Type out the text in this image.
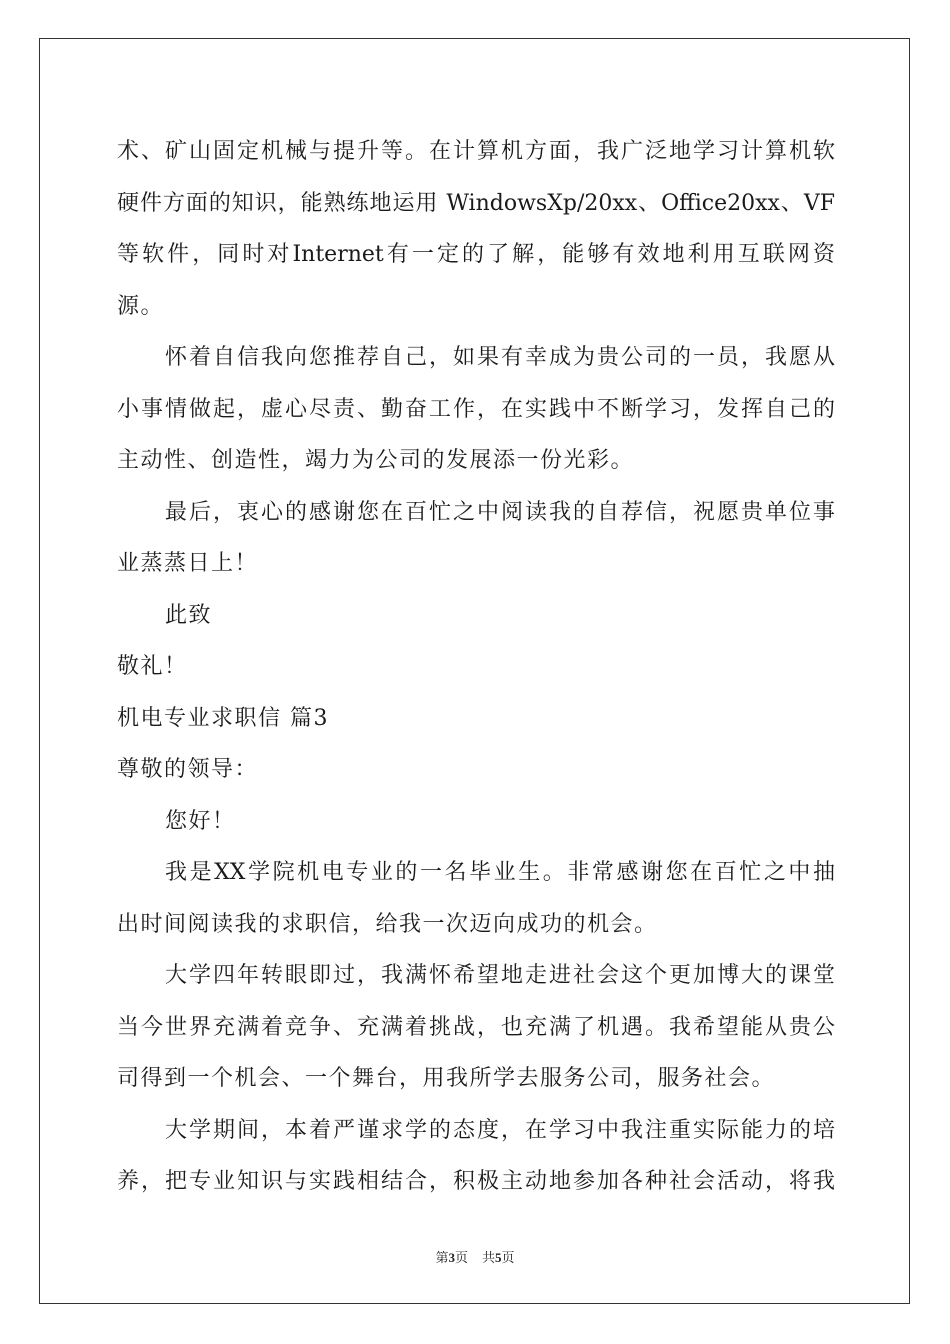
术、矿山固定机械与提升等。在计算机方面，我广泛地学习计算机软
硬件方面的知识，能熟练地运用 WindowsXp/20xx、Office20xx、VF
等软件，同时对Internet有一定的了解，能够有效地利用互联网资
源。
怀着自信我向您推荐自己，如果有幸成为贵公司的一员，我愿从
小事情做起，虚心尽责、勤奋工作，在实践中不断学习，发挥自己的
主动性、创造性，竭力为公司的发展添一份光彩。
最后，衷心的感谢您在百忙之中阅读我的自荐信，祝愿贵单位事
业蒸蒸日上！
此致
敬礼！
机电专业求职信 篇3
尊敬的领导：
您好！
我是XX学院机电专业的一名毕业生。非常感谢您在百忙之中抽
出时间阅读我的求职信，给我一次迈向成功的机会。
大学四年转眼即过，我满怀希望地走进社会这个更加博大的课堂
当今世界充满着竞争、充满着挑战，也充满了机遇。我希望能从贵公
司得到一个机会、一个舞台，用我所学去服务公司，服务社会。
大学期间，本着严谨求学的态度，在学习中我注重实际能力的培
养，把专业知识与实践相结合，积极主动地参加各种社会活动，将我
第3页 共5页
